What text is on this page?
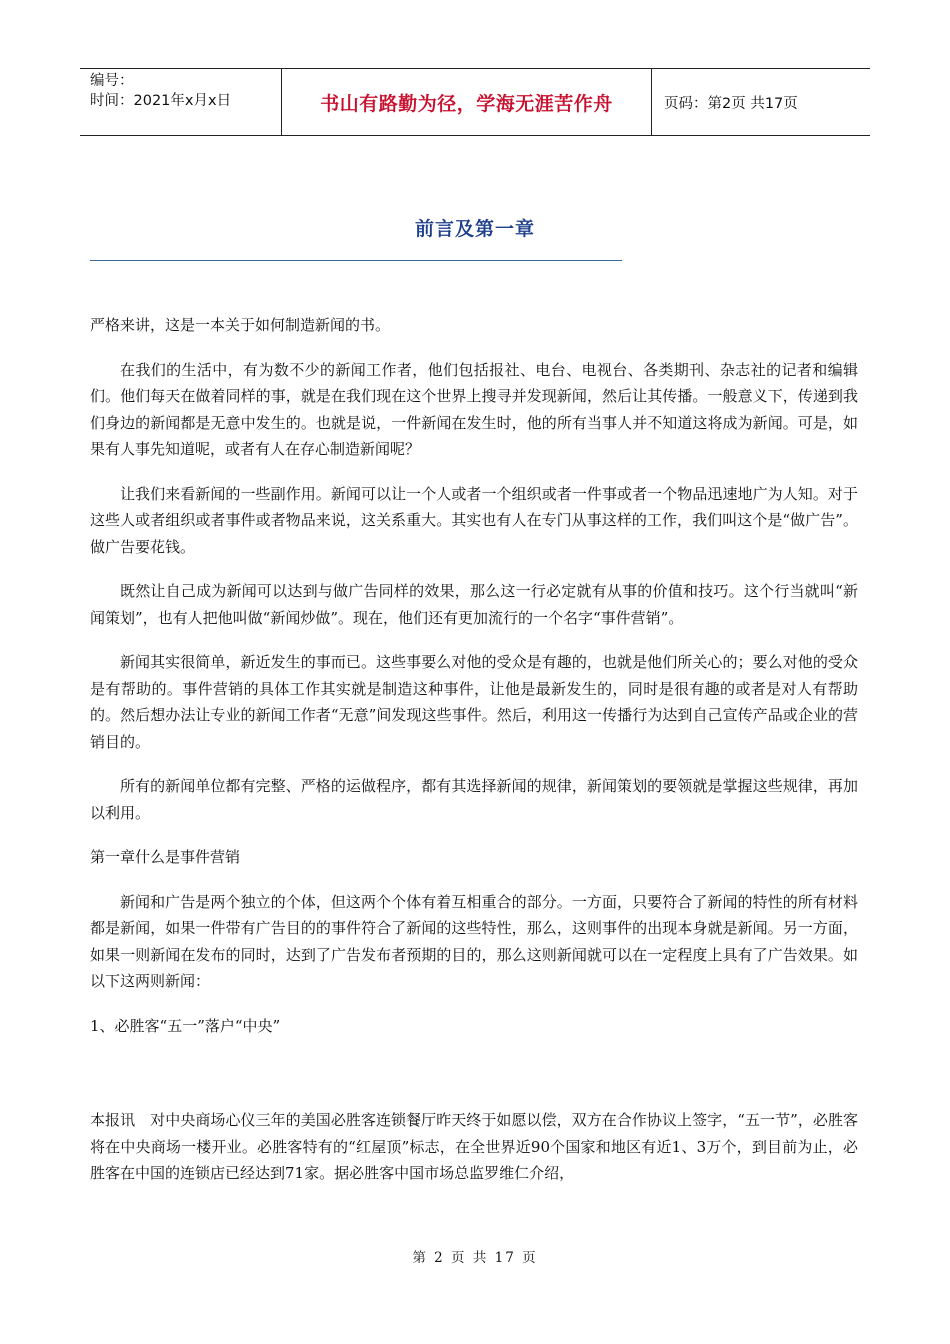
编号：
时间：2021年x月x日	书山有路勤为径，学海无涯苦作舟	页码：第2页 共17页
前言及第一章

严格来讲，这是一本关于如何制造新闻的书。

在我们的生活中，有为数不少的新闻工作者，他们包括报社、电台、电视台、各类期刊、杂志社的记者和编辑们。他们每天在做着同样的事，就是在我们现在这个世界上搜寻并发现新闻，然后让其传播。一般意义下，传递到我们身边的新闻都是无意中发生的。也就是说，一件新闻在发生时，他的所有当事人并不知道这将成为新闻。可是，如果有人事先知道呢，或者有人在存心制造新闻呢？

让我们来看新闻的一些副作用。新闻可以让一个人或者一个组织或者一件事或者一个物品迅速地广为人知。对于这些人或者组织或者事件或者物品来说，这关系重大。其实也有人在专门从事这样的工作，我们叫这个是“做广告”。做广告要花钱。

既然让自己成为新闻可以达到与做广告同样的效果，那么这一行必定就有从事的价值和技巧。这个行当就叫“新闻策划”，也有人把他叫做“新闻炒做”。现在，他们还有更加流行的一个名字“事件营销”。

新闻其实很简单，新近发生的事而已。这些事要么对他的受众是有趣的，也就是他们所关心的；要么对他的受众是有帮助的。事件营销的具体工作其实就是制造这种事件，让他是最新发生的，同时是很有趣的或者是对人有帮助的。然后想办法让专业的新闻工作者“无意”间发现这些事件。然后，利用这一传播行为达到自己宣传产品或企业的营销目的。

所有的新闻单位都有完整、严格的运做程序，都有其选择新闻的规律，新闻策划的要领就是掌握这些规律，再加以利用。

第一章什么是事件营销

新闻和广告是两个独立的个体，但这两个个体有着互相重合的部分。一方面，只要符合了新闻的特性的所有材料都是新闻，如果一件带有广告目的的事件符合了新闻的这些特性，那么，这则事件的出现本身就是新闻。另一方面，如果一则新闻在发布的同时，达到了广告发布者预期的目的，那么这则新闻就可以在一定程度上具有了广告效果。如以下这两则新闻：

1、必胜客“五一”落户“中央”

本报讯　对中央商场心仪三年的美国必胜客连锁餐厅昨天终于如愿以偿，双方在合作协议上签字，“五一节”，必胜客将在中央商场一楼开业。必胜客特有的“红屋顶”标志，在全世界近90个国家和地区有近1、3万个，到目前为止，必胜客在中国的连锁店已经达到71家。据必胜客中国市场总监罗维仁介绍，

第 2 页 共 17 页
